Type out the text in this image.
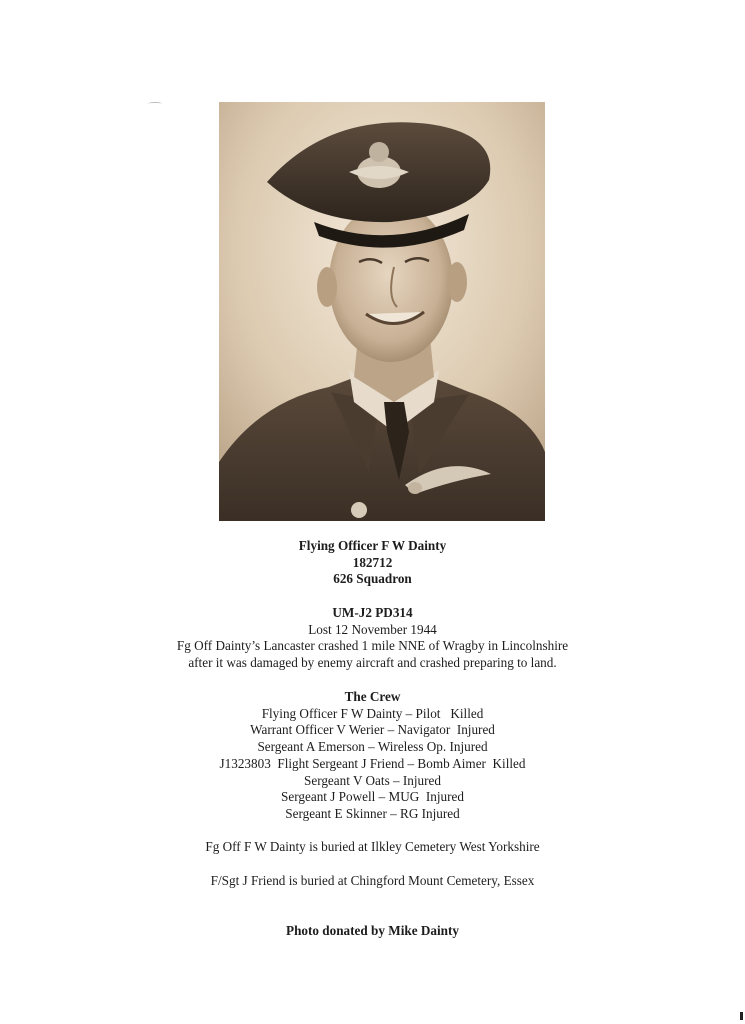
Flying Officer F W Dainty
182712
626 Squadron
UM-J2 PD314
Lost 12 November 1944
Fg Off Dainty’s Lancaster crashed 1 mile NNE of Wragby in Lincolnshire
after it was damaged by enemy aircraft and crashed preparing to land.
The Crew
Flying Officer F W Dainty – Pilot   Killed
Warrant Officer V Werier – Navigator  Injured
Sergeant A Emerson – Wireless Op. Injured
J1323803  Flight Sergeant J Friend – Bomb Aimer  Killed
Sergeant V Oats – Injured
Sergeant J Powell – MUG  Injured
Sergeant E Skinner – RG Injured
Fg Off F W Dainty is buried at Ilkley Cemetery West Yorkshire
F/Sgt J Friend is buried at Chingford Mount Cemetery, Essex
Photo donated by Mike Dainty
